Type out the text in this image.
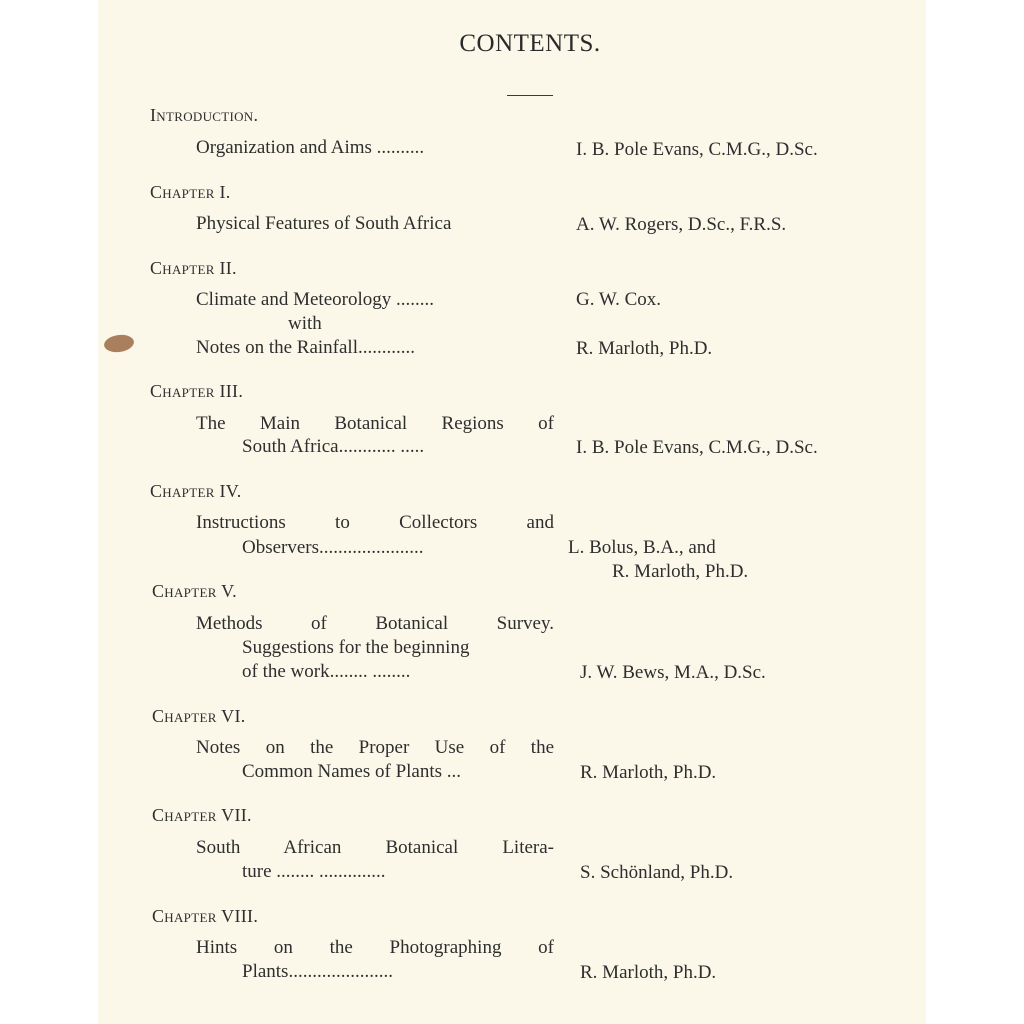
CONTENTS.
Introduction.
Organization and Aims ..........	I. B. Pole Evans, C.M.G., D.Sc.
Chapter I.
Physical Features of South Africa	A. W. Rogers, D.Sc., F.R.S.
Chapter II.
Climate and Meteorology ........	G. W. Cox.
with
Notes on the Rainfall............	R. Marloth, Ph.D.
Chapter III.
The Main Botanical Regions of
South Africa............ .....	I. B. Pole Evans, C.M.G., D.Sc.
Chapter IV.
Instructions to Collectors and
Observers......................	L. Bolus, B.A., and
R. Marloth, Ph.D.
Chapter V.
Methods of Botanical Survey.
Suggestions for the beginning
of the work........ ........	J. W. Bews, M.A., D.Sc.
Chapter VI.
Notes on the Proper Use of the
Common Names of Plants ...	R. Marloth, Ph.D.
Chapter VII.
South African Botanical Litera-
ture ........ ..............	S. Schönland, Ph.D.
Chapter VIII.
Hints on the Photographing of
Plants......................	R. Marloth, Ph.D.
